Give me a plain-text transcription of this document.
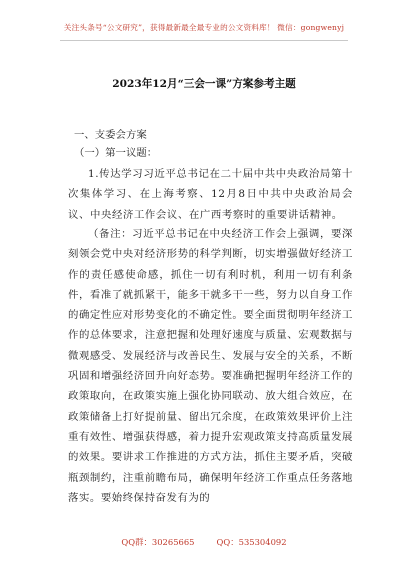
关注头条号“公文研究”，获得最新最全最专业的公文资料库！ 微信：gongwenyj
2023年12月“三会一课”方案参考主题
一、支委会方案
（一）第一议题：
1.传达学习习近平总书记在二十届中共中央政治局第十次集体学习、在上海考察、12月8日中共中央政治局会议、中央经济工作会议、在广西考察时的重要讲话精神。
（备注：习近平总书记在中央经济工作会上强调，要深刻领会党中央对经济形势的科学判断，切实增强做好经济工作的责任感使命感，抓住一切有利时机，利用一切有利条件，看准了就抓紧干，能多干就多干一些，努力以自身工作的确定性应对形势变化的不确定性。要全面贯彻明年经济工作的总体要求，注意把握和处理好速度与质量、宏观数据与微观感受、发展经济与改善民生、发展与安全的关系，不断巩固和增强经济回升向好态势。要准确把握明年经济工作的政策取向，在政策实施上强化协同联动、放大组合效应，在政策储备上打好提前量、留出冗余度，在政策效果评价上注重有效性、增强获得感，着力提升宏观政策支持高质量发展的效果。要讲求工作推进的方式方法，抓住主要矛盾，突破瓶颈制约，注重前瞻布局，确保明年经济工作重点任务落地落实。要始终保持奋发有为的
QQ群：30265665	QQ：535304092
